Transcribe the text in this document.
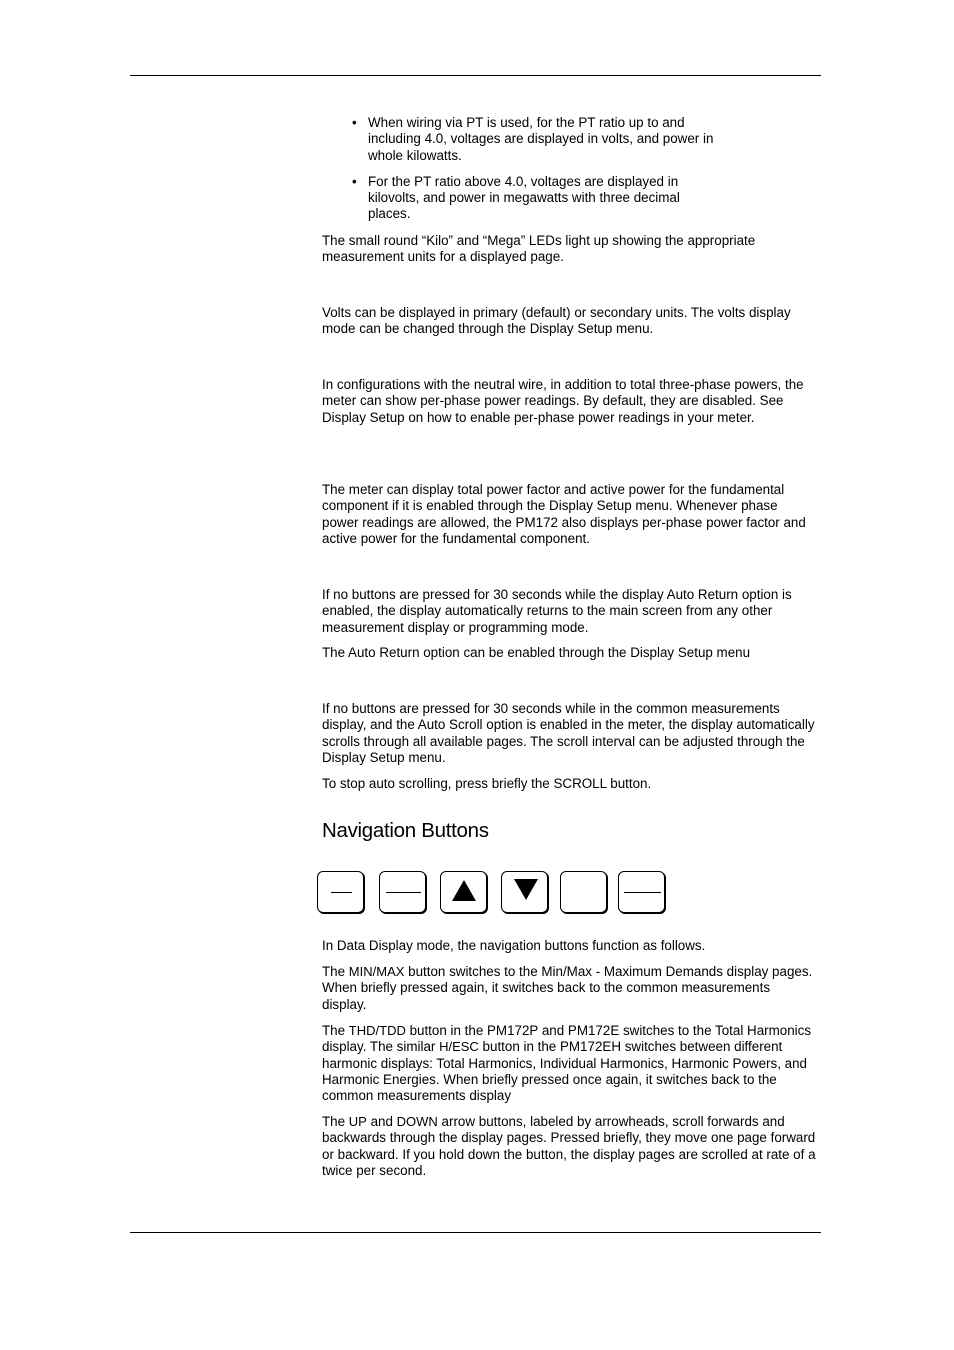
• When wiring via PT is used, for the PT ratio up to and including 4.0, voltages are displayed in volts, and power in whole kilowatts.
• For the PT ratio above 4.0, voltages are displayed in kilovolts, and power in megawatts with three decimal places.

The small round “Kilo” and “Mega” LEDs light up showing the appropriate measurement units for a displayed page.

Volts can be displayed in primary (default) or secondary units. The volts display mode can be changed through the Display Setup menu.

In configurations with the neutral wire, in addition to total three-phase powers, the meter can show per-phase power readings. By default, they are disabled. See Display Setup on how to enable per-phase power readings in your meter.

The meter can display total power factor and active power for the fundamental component if it is enabled through the Display Setup menu. Whenever phase power readings are allowed, the PM172 also displays per-phase power factor and active power for the fundamental component.

If no buttons are pressed for 30 seconds while the display Auto Return option is enabled, the display automatically returns to the main screen from any other measurement display or programming mode.

The Auto Return option can be enabled through the Display Setup menu

If no buttons are pressed for 30 seconds while in the common measurements display, and the Auto Scroll option is enabled in the meter, the display automatically scrolls through all available pages. The scroll interval can be adjusted through the Display Setup menu.

To stop auto scrolling, press briefly the SCROLL button.

Navigation Buttons

In Data Display mode, the navigation buttons function as follows.

The MIN/MAX button switches to the Min/Max - Maximum Demands display pages. When briefly pressed again, it switches back to the common measurements display.

The THD/TDD button in the PM172P and PM172E switches to the Total Harmonics display. The similar H/ESC button in the PM172EH switches between different harmonic displays: Total Harmonics, Individual Harmonics, Harmonic Powers, and Harmonic Energies. When briefly pressed once again, it switches back to the common measurements display

The UP and DOWN arrow buttons, labeled by arrowheads, scroll forwards and backwards through the display pages. Pressed briefly, they move one page forward or backward. If you hold down the button, the display pages are scrolled at rate of a twice per second.
